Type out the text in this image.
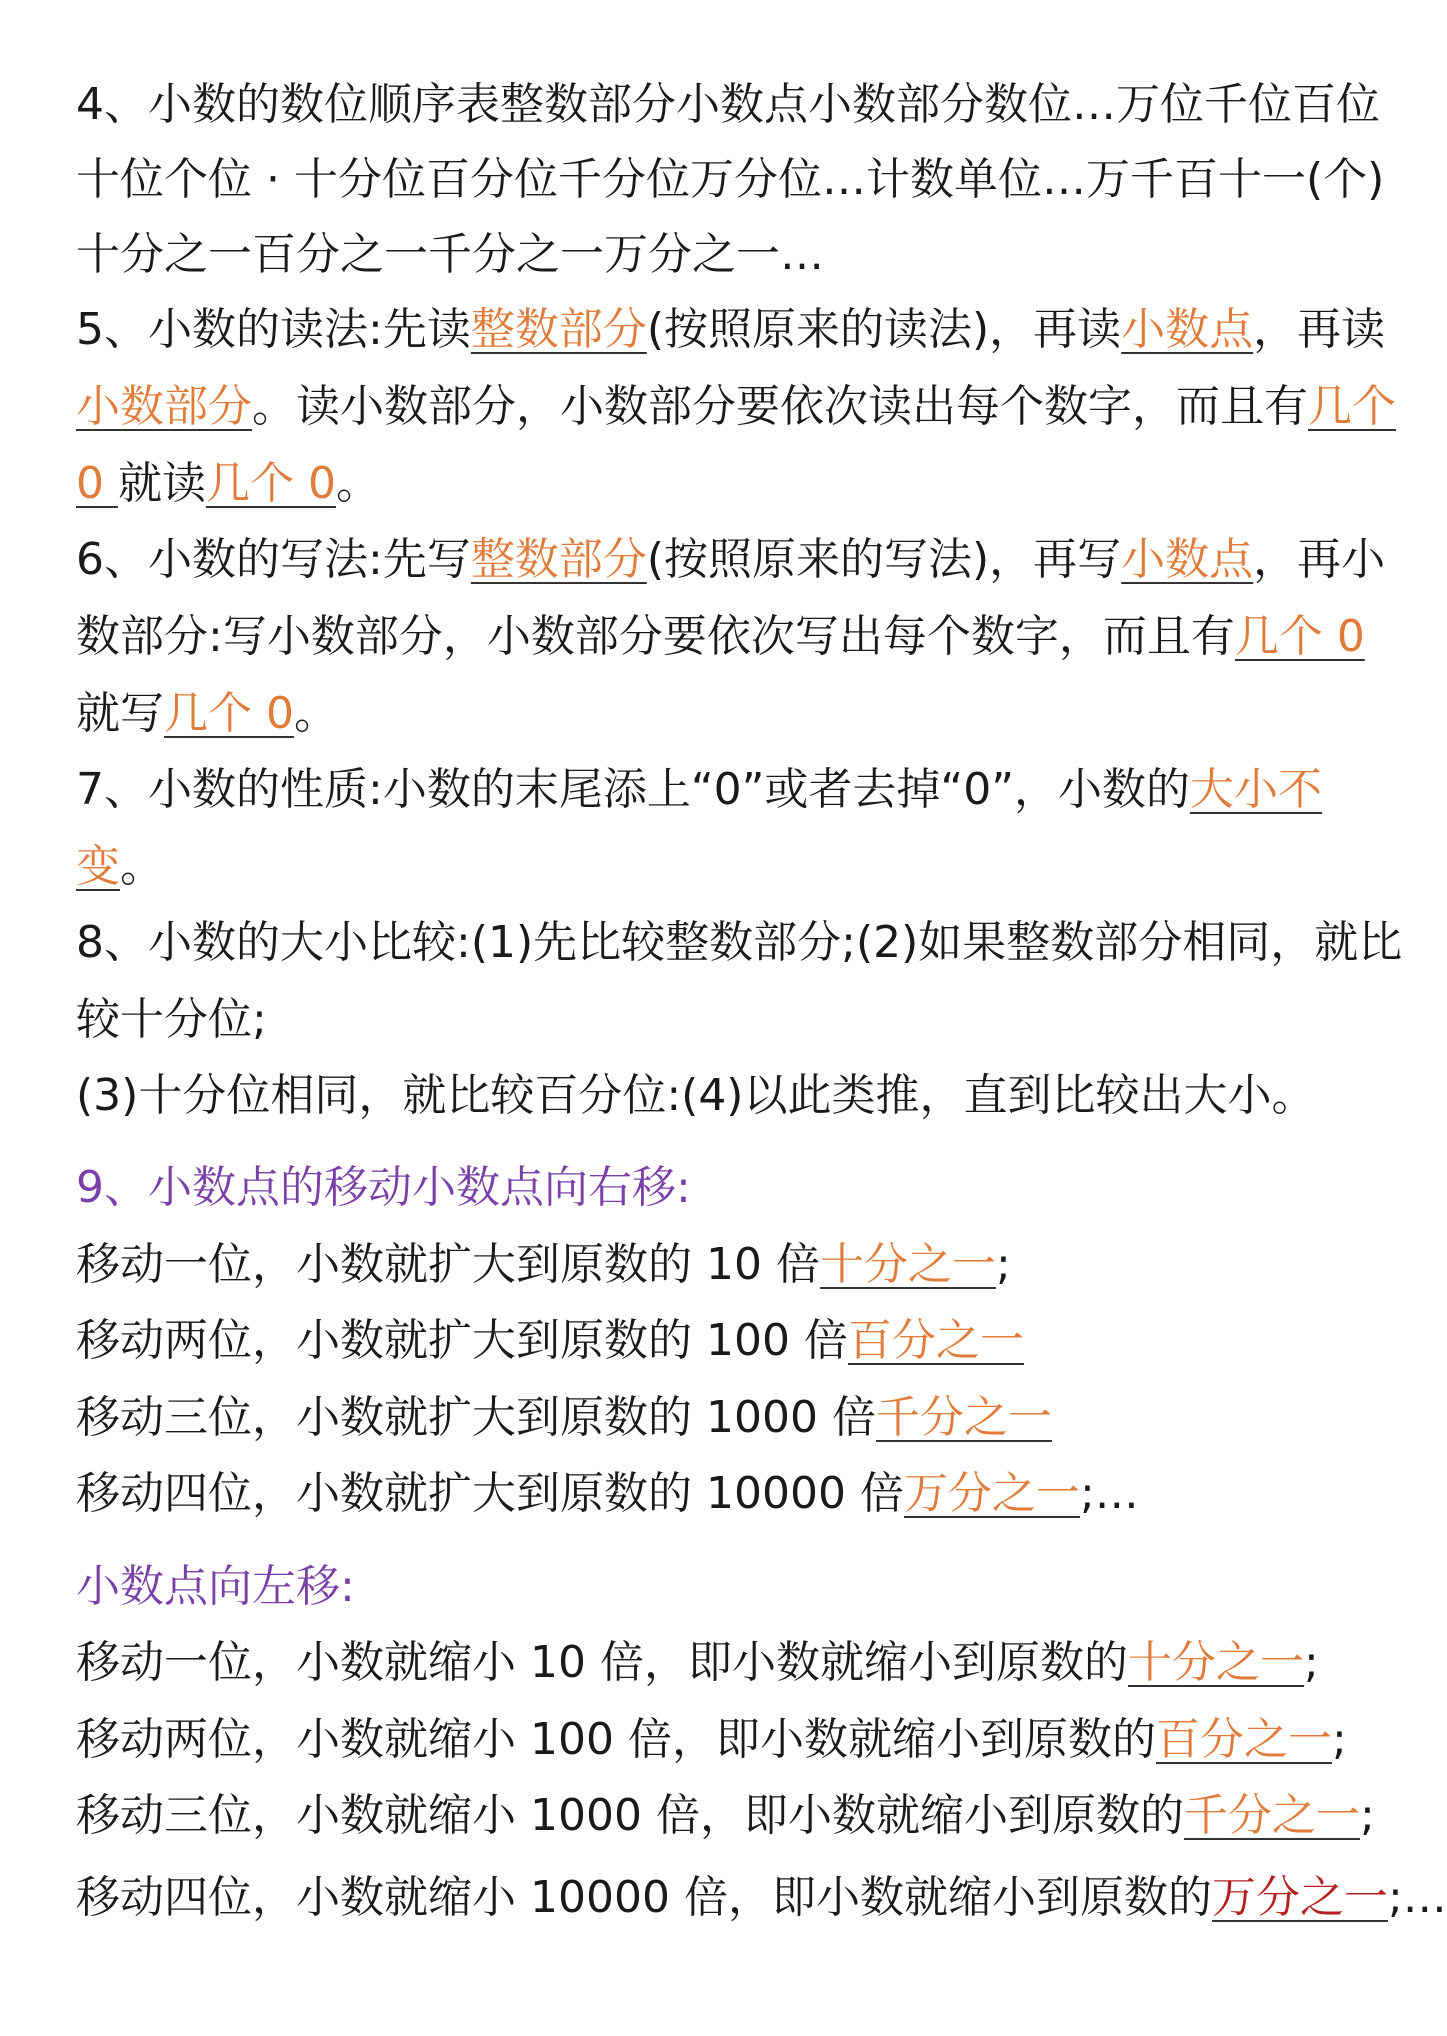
4、小数的数位顺序表整数部分小数点小数部分数位…万位千位百位
十位个位 · 十分位百分位千分位万分位…计数单位…万千百十一(个)
十分之一百分之一千分之一万分之一…
5、小数的读法:先读整数部分(按照原来的读法)，再读小数点，再读
小数部分。读小数部分，小数部分要依次读出每个数字，而且有几个
0 就读几个 0。
6、小数的写法:先写整数部分(按照原来的写法)，再写小数点，再小
数部分:写小数部分，小数部分要依次写出每个数字，而且有几个 0
就写几个 0。
7、小数的性质:小数的末尾添上“0”或者去掉“0”，小数的大小不
变。
8、小数的大小比较:(1)先比较整数部分;(2)如果整数部分相同，就比
较十分位;
(3)十分位相同，就比较百分位:(4)以此类推，直到比较出大小。
9、小数点的移动小数点向右移:
移动一位，小数就扩大到原数的 10 倍十分之一;
移动两位，小数就扩大到原数的 100 倍百分之一
移动三位，小数就扩大到原数的 1000 倍千分之一
移动四位，小数就扩大到原数的 10000 倍万分之一;…
小数点向左移:
移动一位，小数就缩小 10 倍，即小数就缩小到原数的十分之一;
移动两位，小数就缩小 100 倍，即小数就缩小到原数的百分之一;
移动三位，小数就缩小 1000 倍，即小数就缩小到原数的千分之一;
移动四位，小数就缩小 10000 倍，即小数就缩小到原数的万分之一;…
